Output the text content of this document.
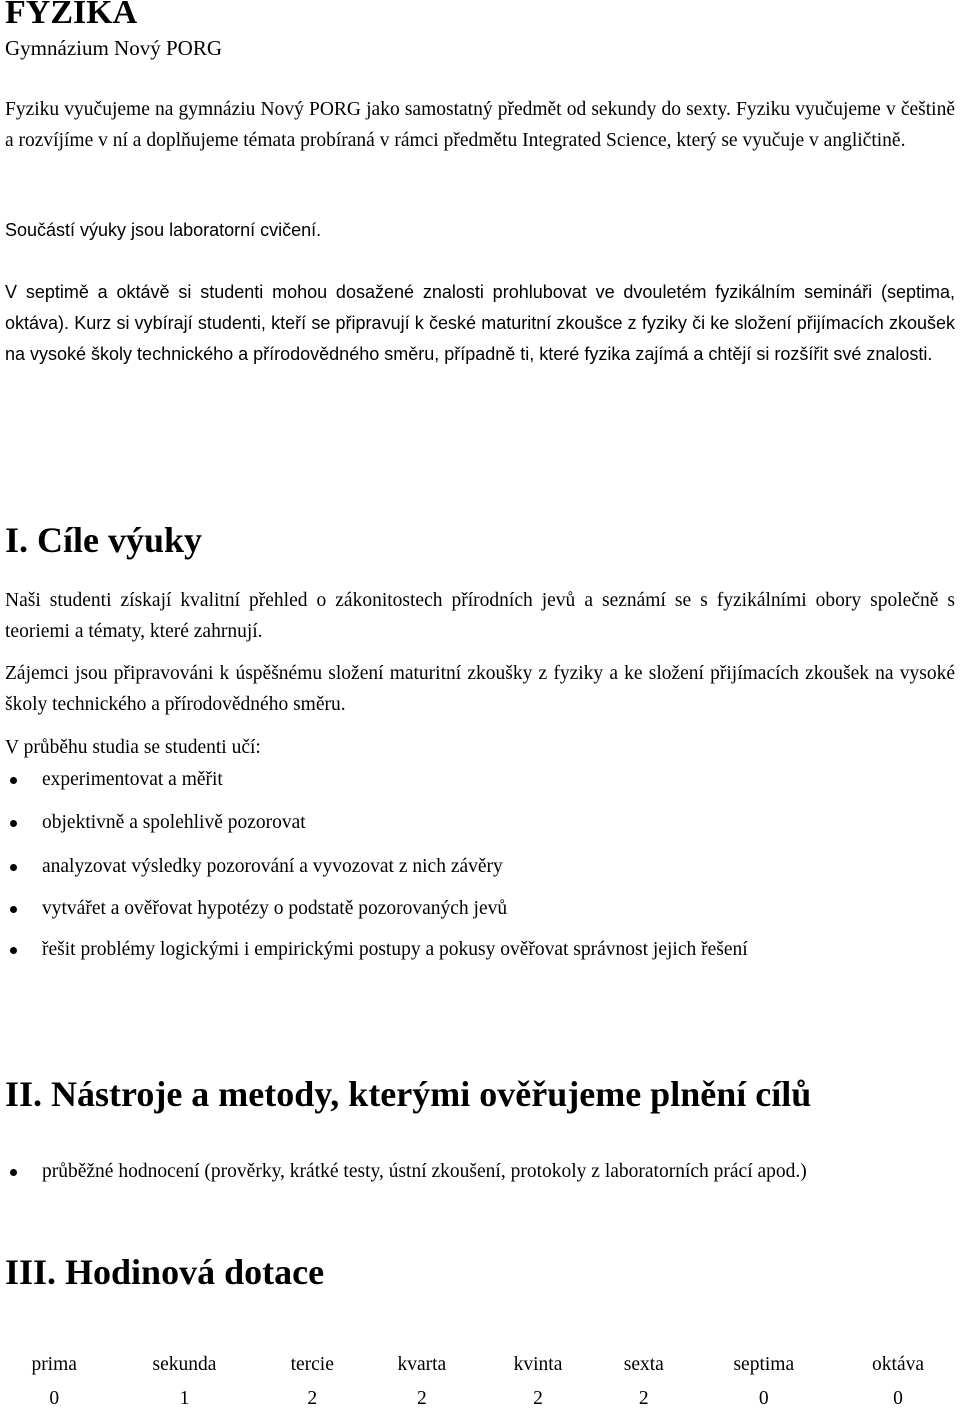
FYZIKA
Gymnázium Nový PORG
Fyziku vyučujeme na gymnáziu Nový PORG jako samostatný předmět od sekundy do sexty. Fyziku vyučujeme v češtině a rozvíjíme v ní a doplňujeme témata probíraná v rámci předmětu Integrated Science, který se vyučuje v angličtině.
Součástí výuky jsou laboratorní cvičení.
V septimě a oktávě si studenti mohou dosažené znalosti prohlubovat ve dvouletém fyzikálním semináři (septima, oktáva). Kurz si vybírají studenti, kteří se připravují k české maturitní zkoušce z fyziky či ke složení přijímacích zkoušek na vysoké školy technického a přírodovědného směru, případně ti, které fyzika zajímá a chtějí si rozšířit své znalosti.
I. Cíle výuky
Naši studenti získají kvalitní přehled o zákonitostech přírodních jevů a seznámí se s fyzikálními obory společně s teoriemi a tématy, které zahrnují.
Zájemci jsou připravováni k úspěšnému složení maturitní zkoušky z fyziky a ke složení přijímacích zkoušek na vysoké školy technického a přírodovědného směru.
V průběhu studia se studenti učí:
experimentovat a měřit
objektivně a spolehlivě pozorovat
analyzovat výsledky pozorování a vyvozovat z nich závěry
vytvářet a ověřovat hypotézy o podstatě pozorovaných jevů
řešit problémy logickými i empirickými postupy a pokusy ověřovat správnost jejich řešení
II. Nástroje a metody, kterými ověřujeme plnění cílů
průběžné hodnocení (prověrky, krátké testy, ústní zkoušení, protokoly z laboratorních prácí apod.)
III. Hodinová dotace
prima	sekunda	tercie	kvarta	kvinta	sexta	septima	oktáva
0	1	2	2	2	2	0	0
